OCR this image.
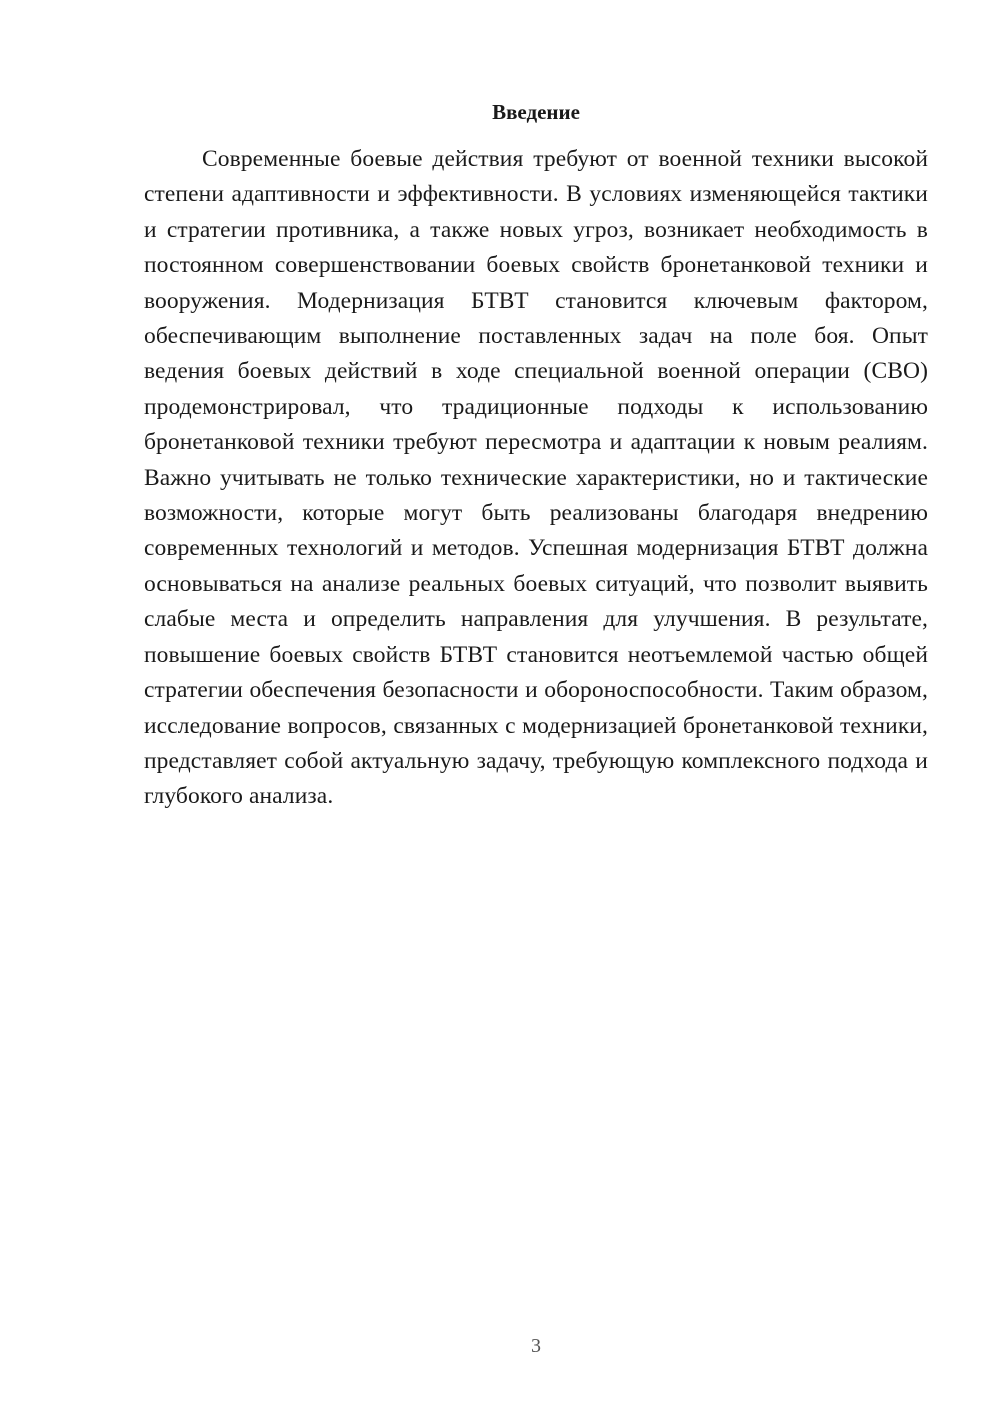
Введение

Современные боевые действия требуют от военной техники высокой степени адаптивности и эффективности. В условиях изменяющейся тактики и стратегии противника, а также новых угроз, возникает необходимость в постоянном совершенствовании боевых свойств бронетанковой техники и вооружения. Модернизация БТВТ становится ключевым фактором, обеспечивающим выполнение поставленных задач на поле боя. Опыт ведения боевых действий в ходе специальной военной операции (СВО) продемонстрировал, что традиционные подходы к использованию бронетанковой техники требуют пересмотра и адаптации к новым реалиям. Важно учитывать не только технические характеристики, но и тактические возможности, которые могут быть реализованы благодаря внедрению современных технологий и методов. Успешная модернизация БТВТ должна основываться на анализе реальных боевых ситуаций, что позволит выявить слабые места и определить направления для улучшения. В результате, повышение боевых свойств БТВТ становится неотъемлемой частью общей стратегии обеспечения безопасности и обороноспособности. Таким образом, исследование вопросов, связанных с модернизацией бронетанковой техники, представляет собой актуальную задачу, требующую комплексного подхода и глубокого анализа.

3
